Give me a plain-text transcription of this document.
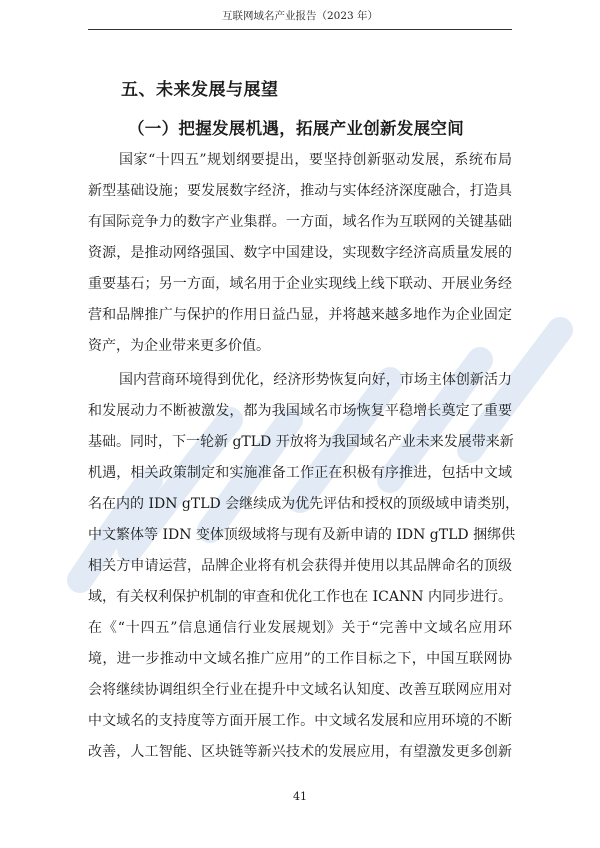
互联网域名产业报告（2023 年）
五、未来发展与展望
（一）把握发展机遇，拓展产业创新发展空间
国家“十四五”规划纲要提出，要坚持创新驱动发展，系统布局
新型基础设施；要发展数字经济，推动与实体经济深度融合，打造具
有国际竞争力的数字产业集群。一方面，域名作为互联网的关键基础
资源，是推动网络强国、数字中国建设，实现数字经济高质量发展的
重要基石；另一方面，域名用于企业实现线上线下联动、开展业务经
营和品牌推广与保护的作用日益凸显，并将越来越多地作为企业固定
资产，为企业带来更多价值。
国内营商环境得到优化，经济形势恢复向好，市场主体创新活力
和发展动力不断被激发，都为我国域名市场恢复平稳增长奠定了重要
基础。同时，下一轮新 gTLD 开放将为我国域名产业未来发展带来新
机遇，相关政策制定和实施准备工作正在积极有序推进，包括中文域
名在内的 IDN gTLD 会继续成为优先评估和授权的顶级域申请类别，
中文繁体等 IDN 变体顶级域将与现有及新申请的 IDN gTLD 捆绑供
相关方申请运营，品牌企业将有机会获得并使用以其品牌命名的顶级
域，有关权利保护机制的审查和优化工作也在 ICANN 内同步进行。
在《“十四五”信息通信行业发展规划》关于“完善中文域名应用环
境，进一步推动中文域名推广应用”的工作目标之下，中国互联网协
会将继续协调组织全行业在提升中文域名认知度、改善互联网应用对
中文域名的支持度等方面开展工作。中文域名发展和应用环境的不断
改善，人工智能、区块链等新兴技术的发展应用，有望激发更多创新
41
